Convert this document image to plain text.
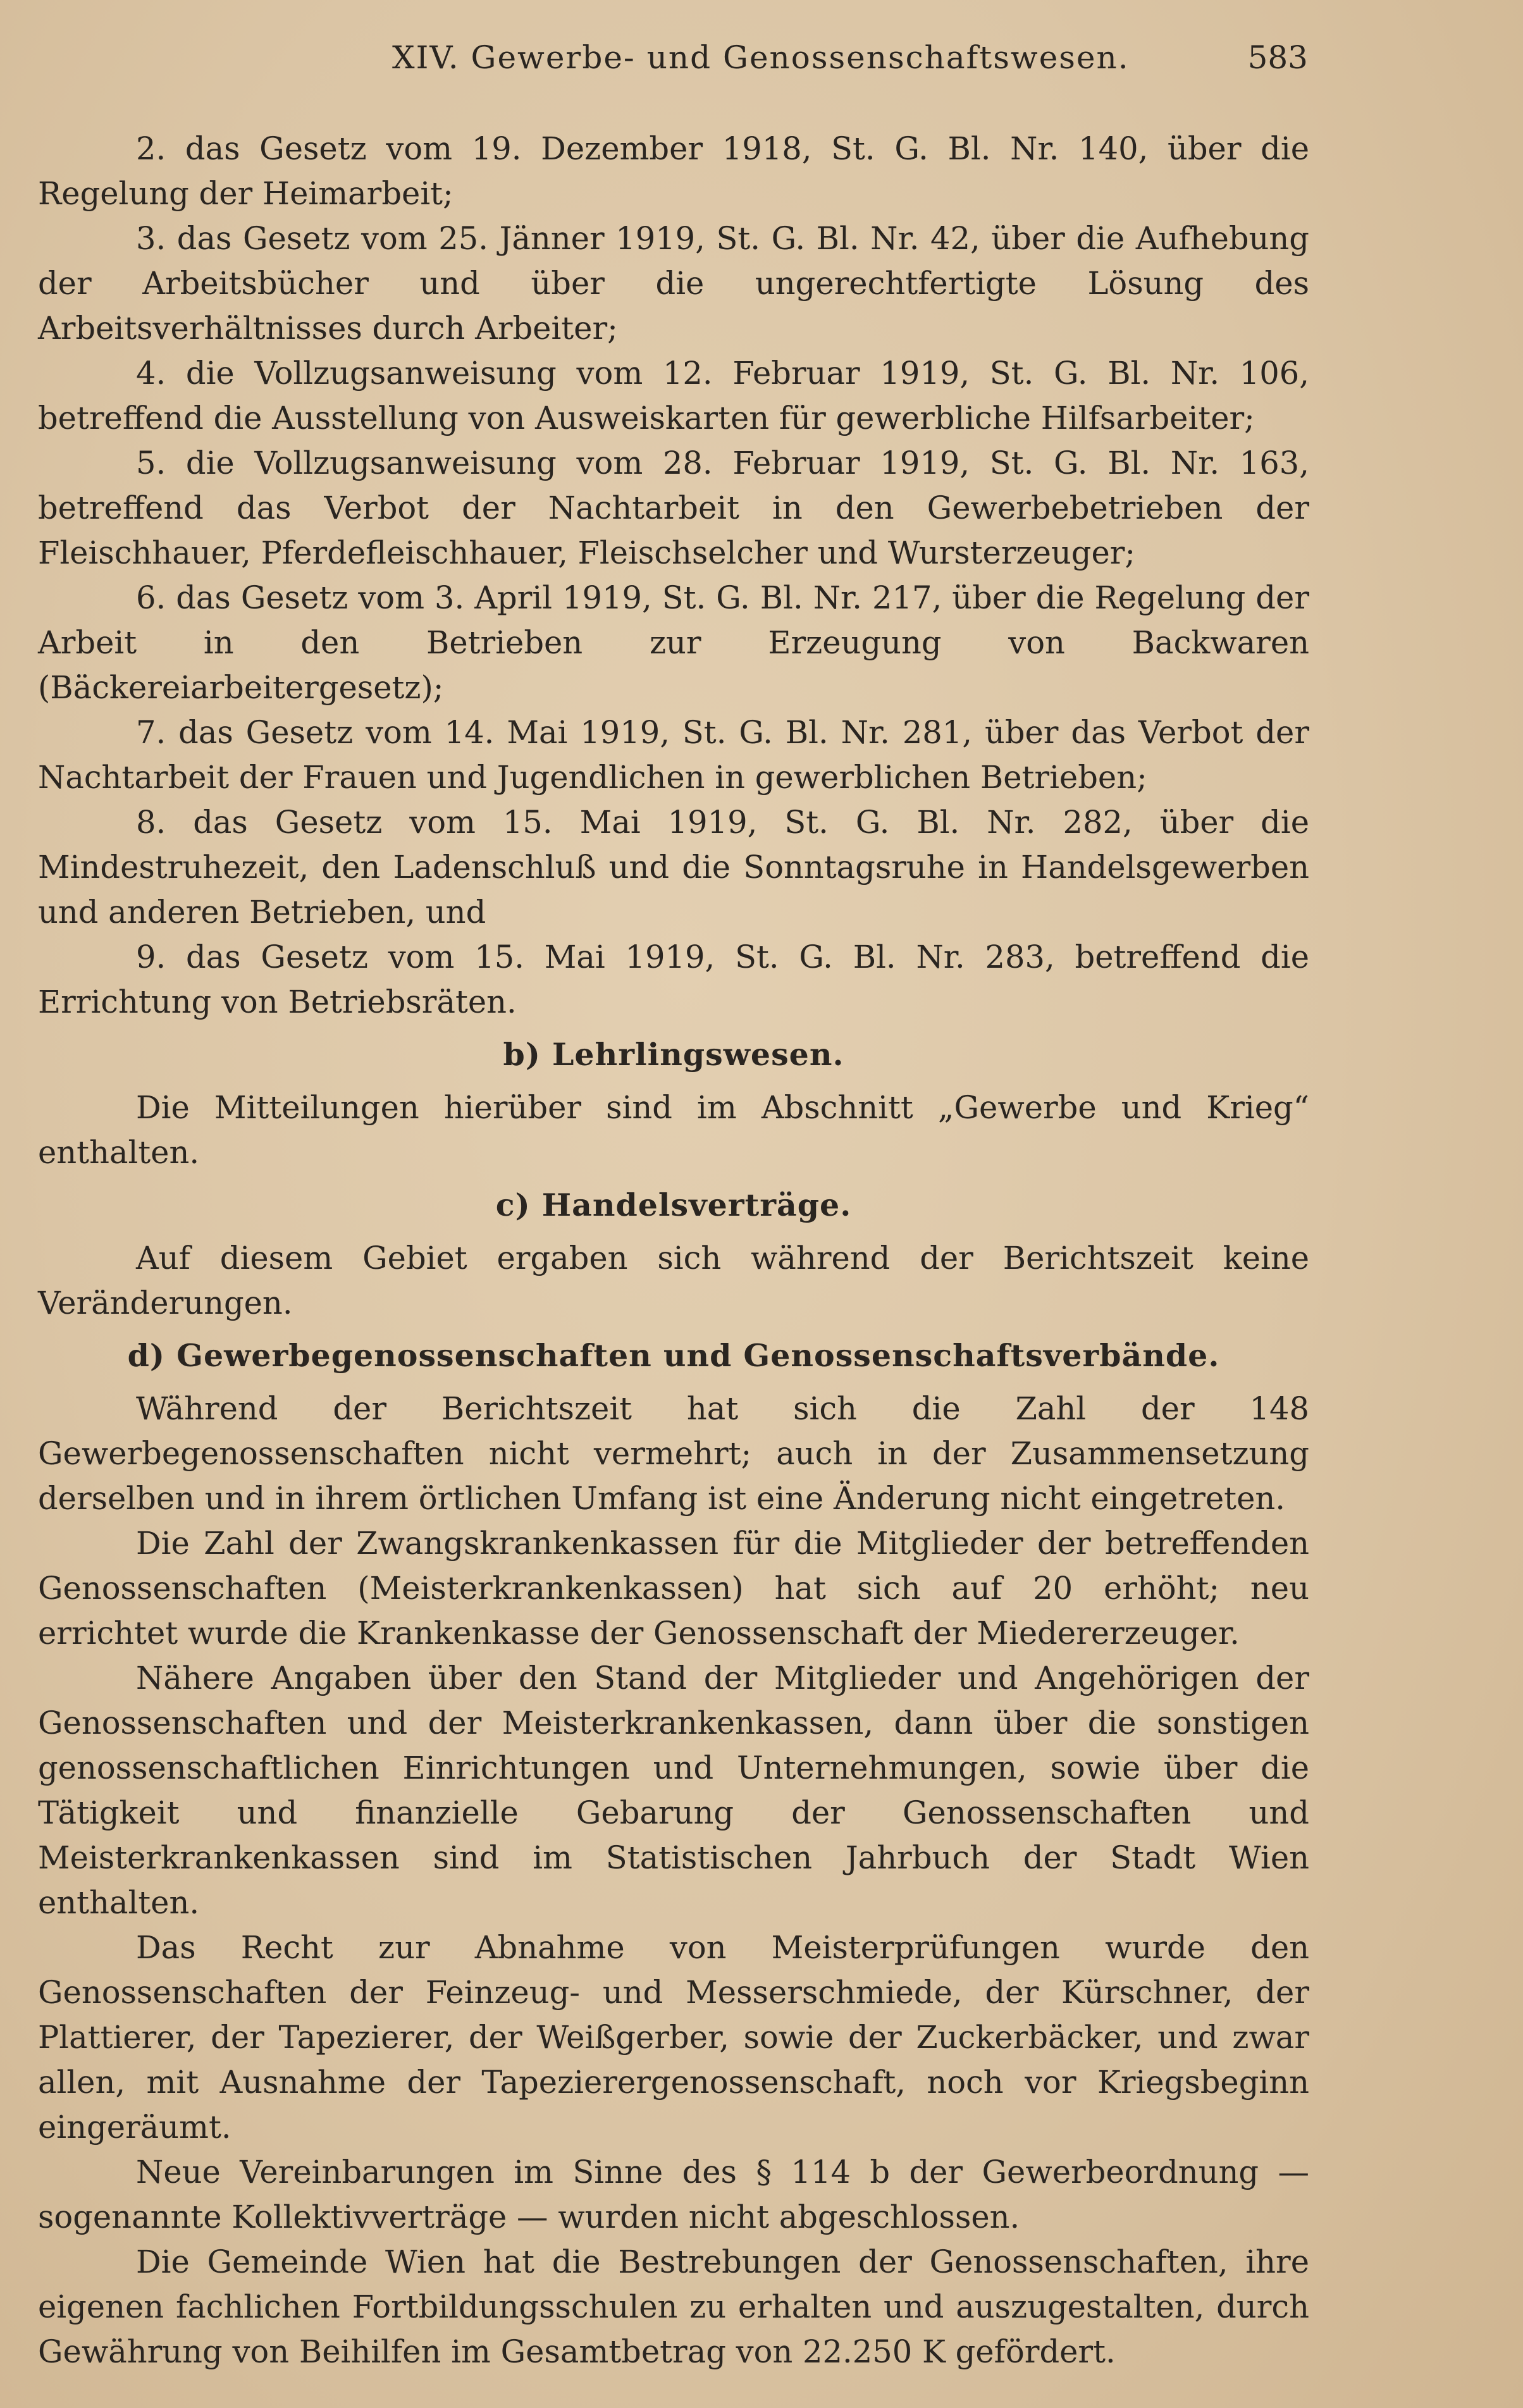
XIV. Gewerbe- und Genossenschaftswesen.	583

2. das Gesetz vom 19. Dezember 1918, St. G. Bl. Nr. 140, über die Regelung der Heimarbeit;

3. das Gesetz vom 25. Jänner 1919, St. G. Bl. Nr. 42, über die Aufhebung der Arbeitsbücher und über die ungerechtfertigte Lösung des Arbeitsverhältnisses durch Arbeiter;

4. die Vollzugsanweisung vom 12. Februar 1919, St. G. Bl. Nr. 106, betreffend die Ausstellung von Ausweiskarten für gewerbliche Hilfsarbeiter;

5. die Vollzugsanweisung vom 28. Februar 1919, St. G. Bl. Nr. 163, betreffend das Verbot der Nachtarbeit in den Gewerbebetrieben der Fleischhauer, Pferdefleischhauer, Fleischselcher und Wursterzeuger;

6. das Gesetz vom 3. April 1919, St. G. Bl. Nr. 217, über die Regelung der Arbeit in den Betrieben zur Erzeugung von Backwaren (Bäckereiarbeitergesetz);

7. das Gesetz vom 14. Mai 1919, St. G. Bl. Nr. 281, über das Verbot der Nachtarbeit der Frauen und Jugendlichen in gewerblichen Betrieben;

8. das Gesetz vom 15. Mai 1919, St. G. Bl. Nr. 282, über die Mindestruhezeit, den Ladenschluß und die Sonntagsruhe in Handelsgewerben und anderen Betrieben, und

9. das Gesetz vom 15. Mai 1919, St. G. Bl. Nr. 283, betreffend die Errichtung von Betriebsräten.

b) Lehrlingswesen.

Die Mitteilungen hierüber sind im Abschnitt „Gewerbe und Krieg“ enthalten.

c) Handelsverträge.

Auf diesem Gebiet ergaben sich während der Berichtszeit keine Veränderungen.

d) Gewerbegenossenschaften und Genossenschaftsverbände.

Während der Berichtszeit hat sich die Zahl der 148 Gewerbegenossenschaften nicht vermehrt; auch in der Zusammensetzung derselben und in ihrem örtlichen Umfang ist eine Änderung nicht eingetreten.

Die Zahl der Zwangskrankenkassen für die Mitglieder der betreffenden Genossenschaften (Meisterkrankenkassen) hat sich auf 20 erhöht; neu errichtet wurde die Krankenkasse der Genossenschaft der Miedererzeuger.

Nähere Angaben über den Stand der Mitglieder und Angehörigen der Genossenschaften und der Meisterkrankenkassen, dann über die sonstigen genossenschaftlichen Einrichtungen und Unternehmungen, sowie über die Tätigkeit und finanzielle Gebarung der Genossenschaften und Meisterkrankenkassen sind im Statistischen Jahrbuch der Stadt Wien enthalten.

Das Recht zur Abnahme von Meisterprüfungen wurde den Genossenschaften der Feinzeug- und Messerschmiede, der Kürschner, der Plattierer, der Tapezierer, der Weißgerber, sowie der Zuckerbäcker, und zwar allen, mit Ausnahme der Tapezierergenossenschaft, noch vor Kriegsbeginn eingeräumt.

Neue Vereinbarungen im Sinne des § 114 b der Gewerbeordnung — sogenannte Kollektivverträge — wurden nicht abgeschlossen.

Die Gemeinde Wien hat die Bestrebungen der Genossenschaften, ihre eigenen fachlichen Fortbildungsschulen zu erhalten und auszugestalten, durch Gewährung von Beihilfen im Gesamtbetrag von 22.250 K gefördert.
